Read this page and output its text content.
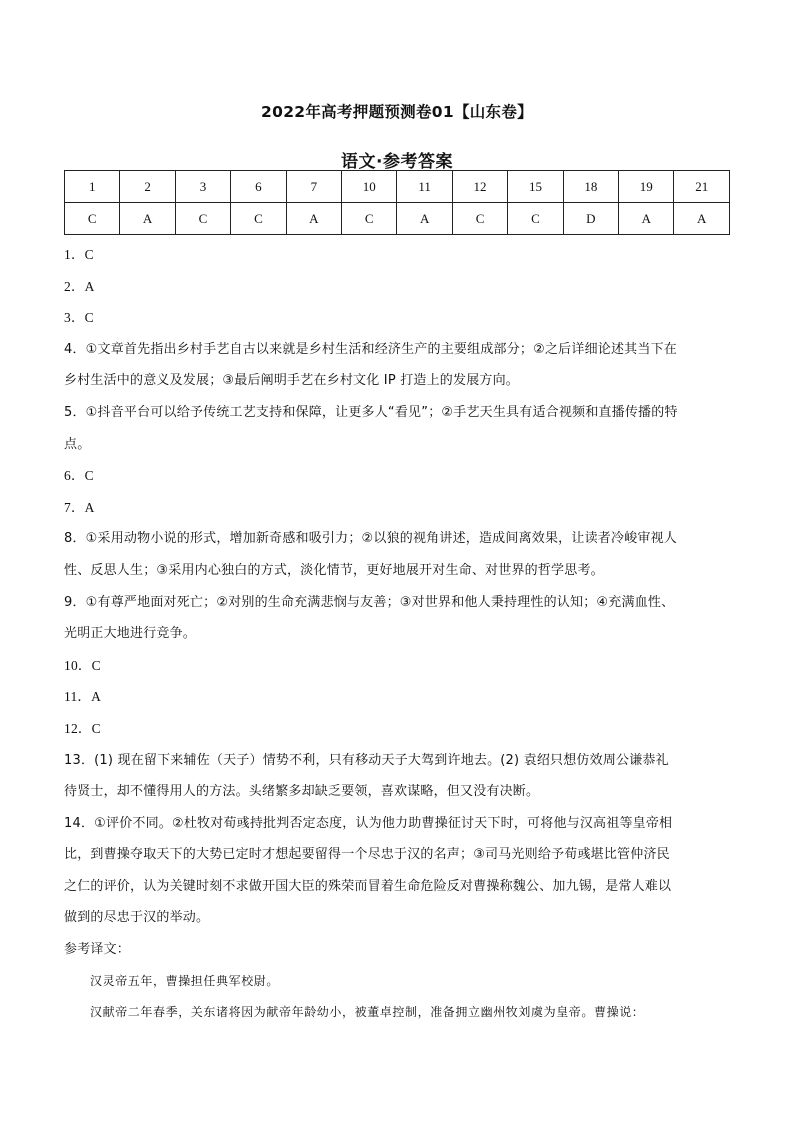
2022年高考押题预测卷01【山东卷】
语文·参考答案
1	2	3	6	7	10	11	12	15	18	19	21
C	A	C	C	A	C	A	C	C	D	A	A
1．C
2．A
3．C
4．①文章首先指出乡村手艺自古以来就是乡村生活和经济生产的主要组成部分；②之后详细论述其当下在
乡村生活中的意义及发展；③最后阐明手艺在乡村文化 IP 打造上的发展方向。
5．①抖音平台可以给予传统工艺支持和保障，让更多人“看见”；②手艺天生具有适合视频和直播传播的特
点。
6．C
7．A
8．①采用动物小说的形式，增加新奇感和吸引力；②以狼的视角讲述，造成间离效果，让读者冷峻审视人
性、反思人生；③采用内心独白的方式，淡化情节，更好地展开对生命、对世界的哲学思考。
9．①有尊严地面对死亡；②对别的生命充满悲悯与友善；③对世界和他人秉持理性的认知；④充满血性、
光明正大地进行竞争。
10．C
11．A
12．C
13．(1) 现在留下来辅佐（天子）情势不利，只有移动天子大驾到许地去。(2) 袁绍只想仿效周公谦恭礼
待贤士，却不懂得用人的方法。头绪繁多却缺乏要领，喜欢谋略，但又没有决断。
14．①评价不同。②杜牧对荀彧持批判否定态度，认为他力助曹操征讨天下时，可将他与汉高祖等皇帝相
比，到曹操夺取天下的大势已定时才想起要留得一个尽忠于汉的名声；③司马光则给予荀彧堪比管仲济民
之仁的评价，认为关键时刻不求做开国大臣的殊荣而冒着生命危险反对曹操称魏公、加九锡，是常人难以
做到的尽忠于汉的举动。
参考译文：
汉灵帝五年，曹操担任典军校尉。
汉献帝二年春季，关东诸将因为献帝年龄幼小，被董卓控制，准备拥立幽州牧刘虞为皇帝。曹操说：
